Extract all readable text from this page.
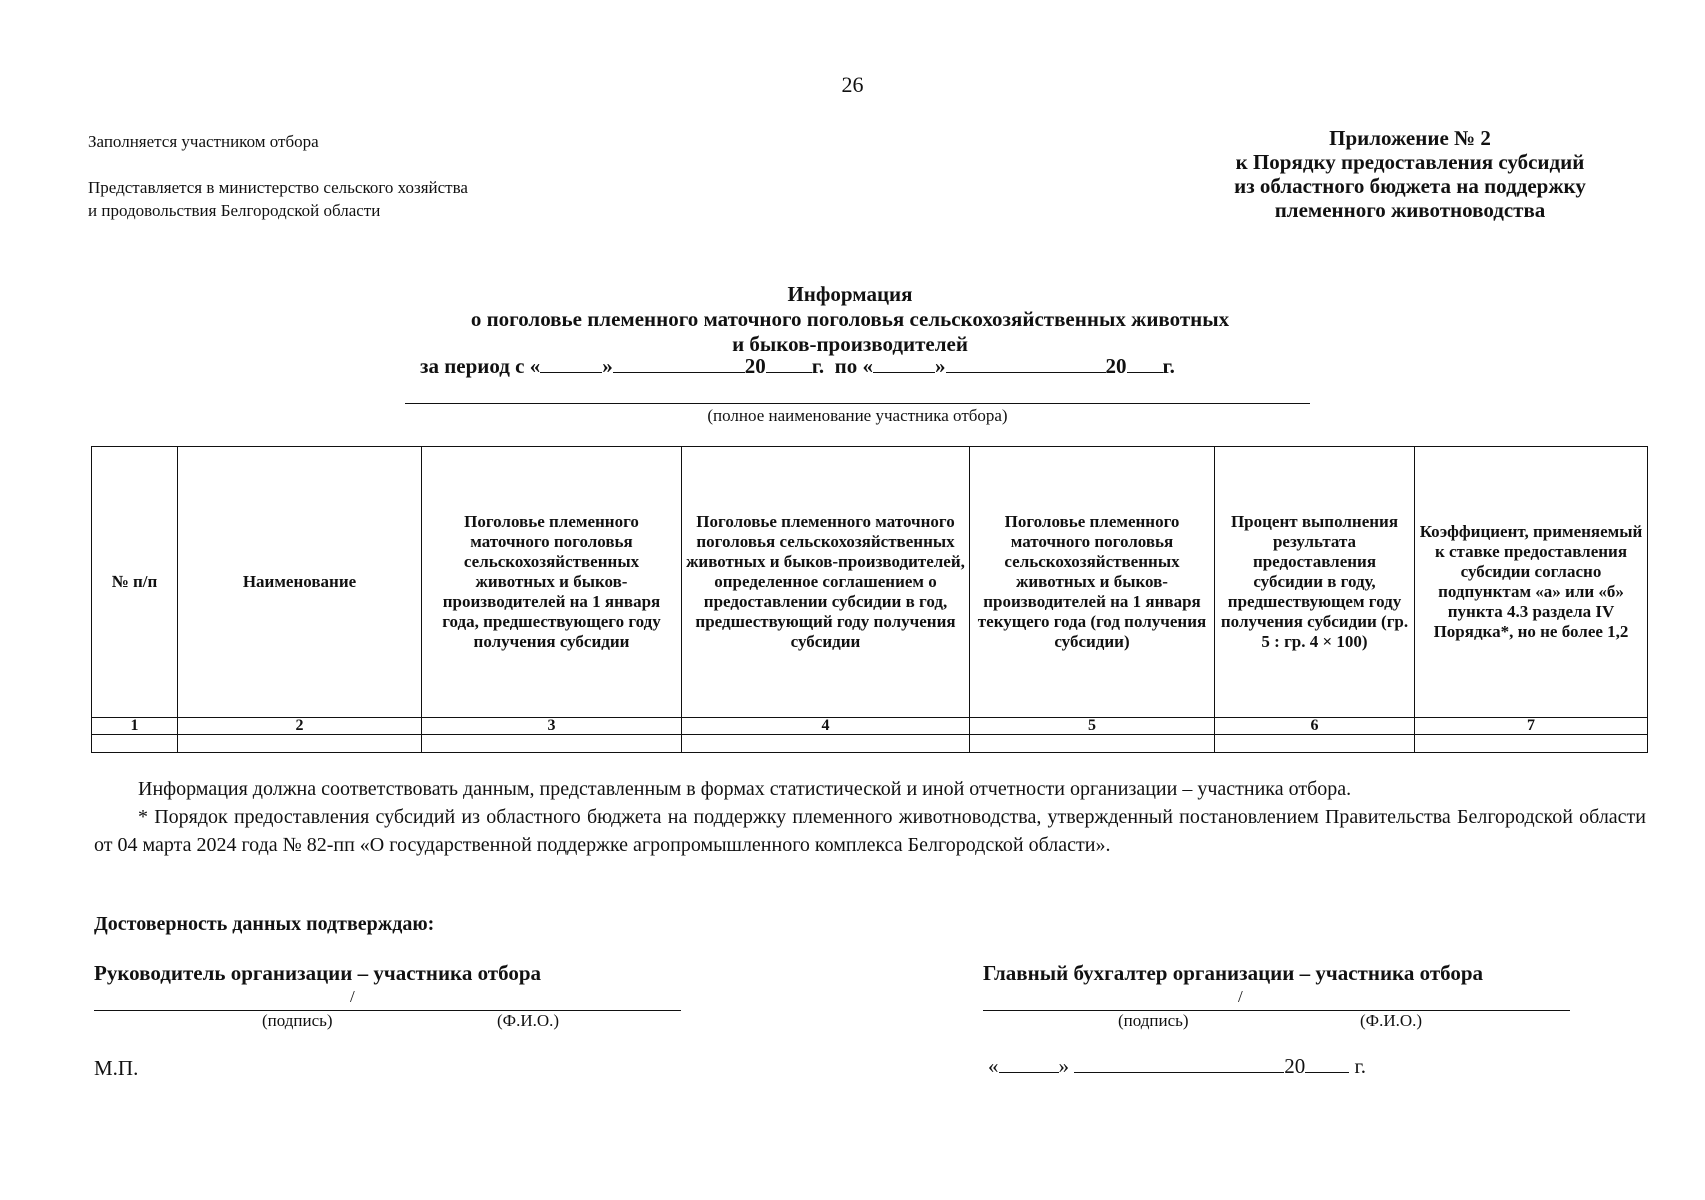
26
Заполняется участником отбора
Представляется в министерство сельского хозяйства
и продовольствия Белгородской области
Приложение № 2
к Порядку предоставления субсидий
из областного бюджета на поддержку
племенного животноводства
Информация
о поголовье племенного маточного поголовья сельскохозяйственных животных
и быков-производителей
за период с «	»	20 г. по «	»	20 г.
(полное наименование участника отбора)
№ п/п	Наименование	Поголовье племенного маточного поголовья сельскохозяйственных животных и быков-производителей на 1 января года, предшествующего году получения субсидии	Поголовье племенного маточного поголовья сельскохозяйственных животных и быков-производителей, определенное соглашением о предоставлении субсидии в год, предшествующий году получения субсидии	Поголовье племенного маточного поголовья сельскохозяйственных животных и быков-производителей на 1 января текущего года (год получения субсидии)	Процент выполнения результата предоставления субсидии в году, предшествующем году получения субсидии (гр. 5 : гр. 4 × 100)	Коэффициент, применяемый к ставке предоставления субсидии согласно подпунктам «а» или «б» пункта 4.3 раздела IV Порядка*, но не более 1,2
1	2	3	4	5	6	7

Информация должна соответствовать данным, представленным в формах статистической и иной отчетности организации – участника отбора.
* Порядок предоставления субсидий из областного бюджета на поддержку племенного животноводства, утвержденный постановлением Правительства Белгородской области от 04 марта 2024 года № 82-пп «О государственной поддержке агропромышленного комплекса Белгородской области».
Достоверность данных подтверждаю:
Руководитель организации – участника отбора
/
(подпись)	(Ф.И.О.)
М.П.
Главный бухгалтер организации – участника отбора
/
(подпись)	(Ф.И.О.)
«	»	20 г.
